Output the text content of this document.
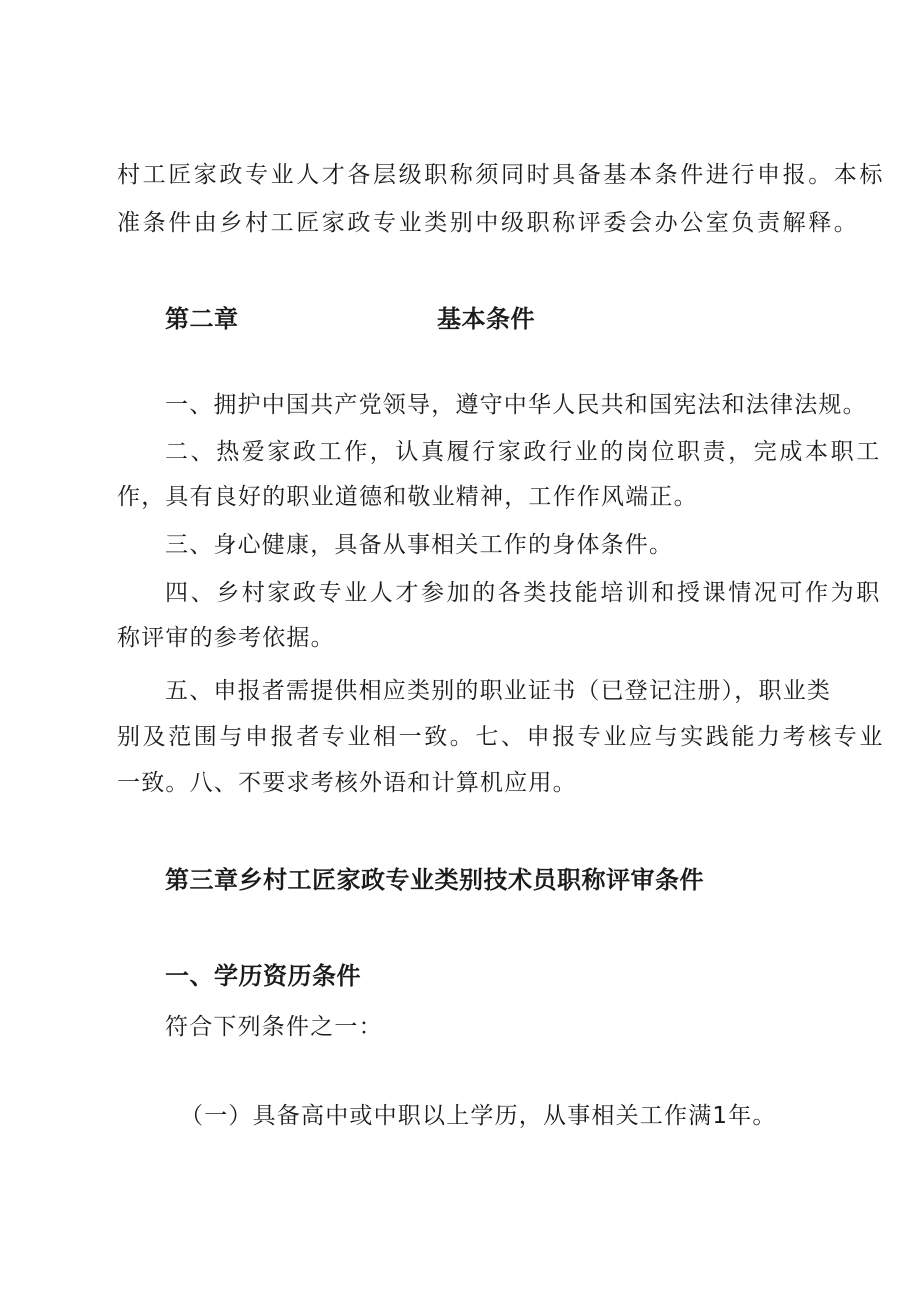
村工匠家政专业人才各层级职称须同时具备基本条件进行申报。本标
准条件由乡村工匠家政专业类别中级职称评委会办公室负责解释。
第二章	基本条件
一、拥护中国共产党领导，遵守中华人民共和国宪法和法律法规。
二、热爱家政工作，认真履行家政行业的岗位职责，完成本职工
作，具有良好的职业道德和敬业精神，工作作风端正。
三、身心健康，具备从事相关工作的身体条件。
四、乡村家政专业人才参加的各类技能培训和授课情况可作为职
称评审的参考依据。
五、申报者需提供相应类别的职业证书（已登记注册），职业类
别及范围与申报者专业相一致。七、申报专业应与实践能力考核专业
一致。八、不要求考核外语和计算机应用。
第三章乡村工匠家政专业类别技术员职称评审条件
一、学历资历条件
符合下列条件之一：
（一）具备高中或中职以上学历，从事相关工作满1年。
